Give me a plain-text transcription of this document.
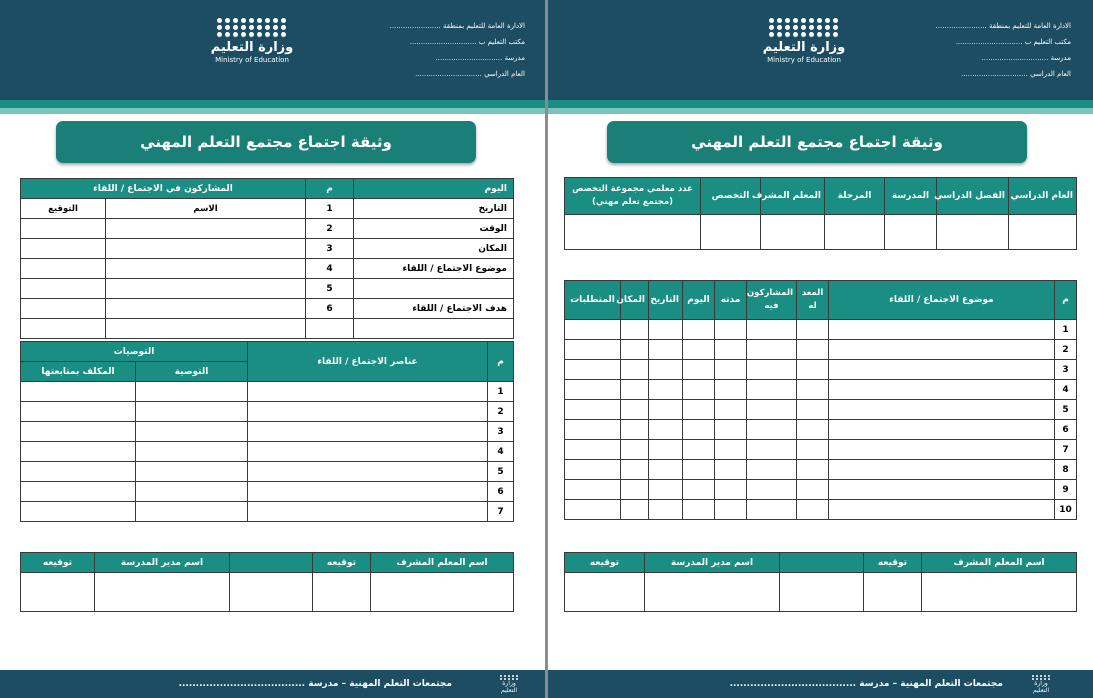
وزارة التعليم
Ministry of Education
الادارة العامة للتعليم بمنطقة .......................
مكتب التعليم ب ..............................
مدرسة ..............................
العام الدراسي ..............................
وثيقة اجتماع مجتمع التعلم المهني
اليوم	م	المشاركون في الاجتماع / اللقاء	
التاريخ	1	الاسم	التوقيع
الوقت	2		
المكان	3		
موضوع الاجتماع / اللقاء	4		
	5		
هدف الاجتماع / اللقاء	6		

م	عناصر الاجتماع / اللقاء	التوصيات	
		التوصية	المكلف بمتابعتها
1			
2			
3			
4			
5			
6			
7			
اسم المعلم المشرف	توقيعه		اسم مدير المدرسة	توقيعه

وزارة التعليم
مجتمعات التعلم المهنية – مدرسة .....................................
وزارة التعليم
Ministry of Education
الادارة العامة للتعليم بمنطقة .......................
مكتب التعليم ب ..............................
مدرسة ..............................
العام الدراسي ..............................
وثيقة اجتماع مجتمع التعلم المهني
العام الدراسي	الفصل الدراسي	المدرسة	المرحلة	المعلم المشرف	التخصص	عدد معلمي مجموعة التخصص (مجتمع تعلم مهني)

م	موضوع الاجتماع / اللقاء	المعد له	المشاركون فيه	مدته	اليوم	التاريخ	المكان	المتطلبات
1								
2								
3								
4								
5								
6								
7								
8								
9								
10								
اسم المعلم المشرف	توقيعه		اسم مدير المدرسة	توقيعه

وزارة التعليم
مجتمعات التعلم المهنية – مدرسة .....................................
